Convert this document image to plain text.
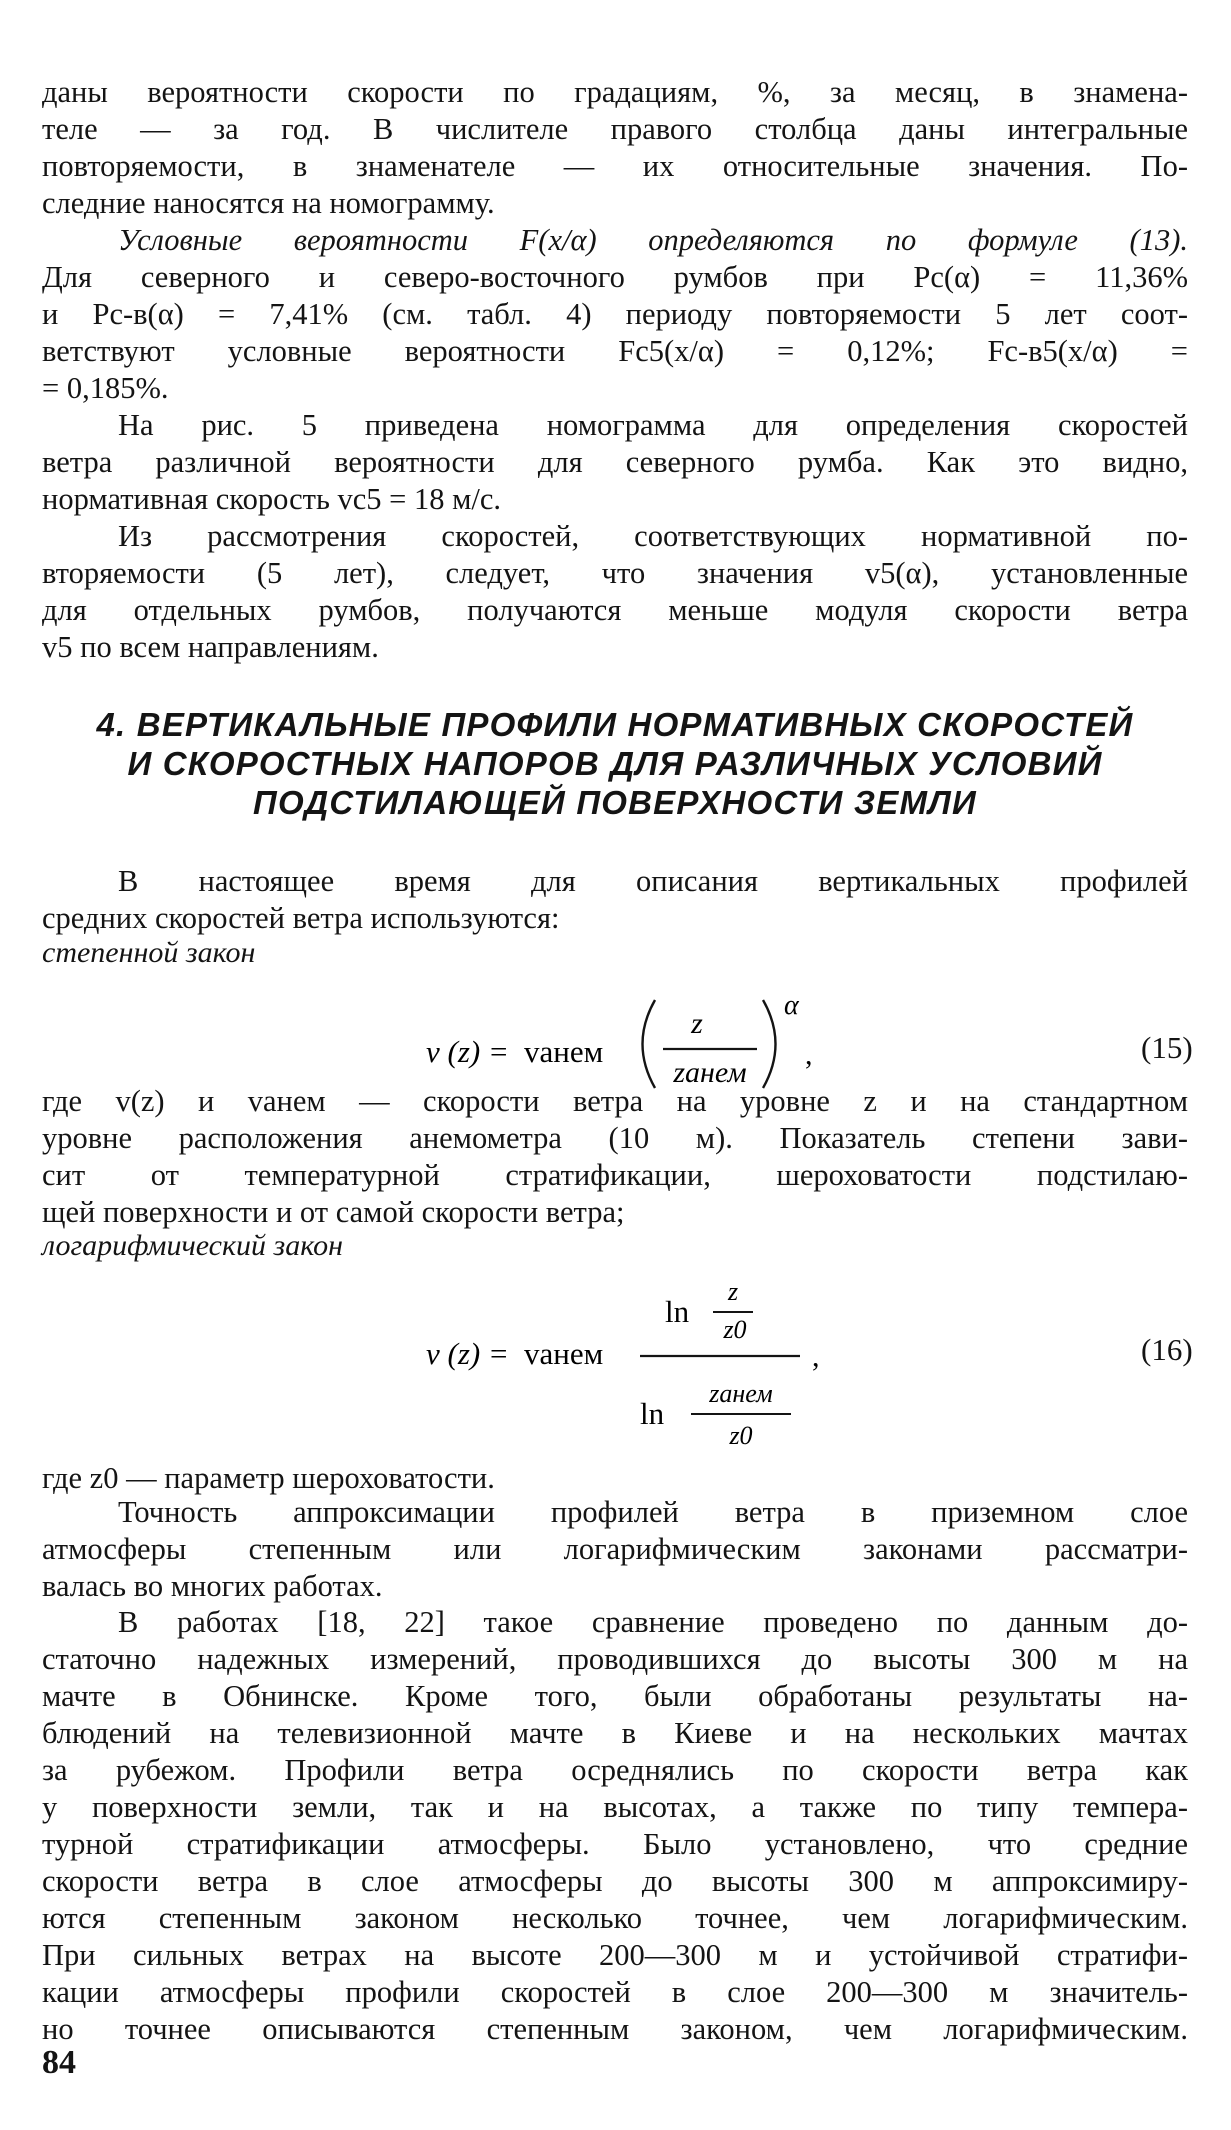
даны вероятности скорости по градациям, %, за месяц, в знамена-
теле — за год. В числителе правого столбца даны интегральные
повторяемости, в знаменателе — их относительные значения. По-
следние наносятся на номограмму.

Условные вероятности F(x/α) определяются по формуле (13).
Для северного и северо-восточного румбов при Pc(α) = 11,36%
и Pc-в(α) = 7,41% (см. табл. 4) периоду повторяемости 5 лет соот-
ветствуют условные вероятности Fc5(x/α) = 0,12%; Fc-в5(x/α) =
= 0,185%.

На рис. 5 приведена номограмма для определения скоростей
ветра различной вероятности для северного румба. Как это видно,
нормативная скорость vc5 = 18 м/с.

Из рассмотрения скоростей, соответствующих нормативной по-
вторяемости (5 лет), следует, что значения v5(α), установленные
для отдельных румбов, получаются меньше модуля скорости ветра
v5 по всем направлениям.

4. ВЕРТИКАЛЬНЫЕ ПРОФИЛИ НОРМАТИВНЫХ СКОРОСТЕЙ
И СКОРОСТНЫХ НАПОРОВ ДЛЯ РАЗЛИЧНЫХ УСЛОВИЙ
ПОДСТИЛАЮЩЕЙ ПОВЕРХНОСТИ ЗЕМЛИ

В настоящее время для описания вертикальных профилей
средних скоростей ветра используются:

степенной закон
v (z) = vанем
z
zанем
α
,	(15)

где v(z) и vанем — скорости ветра на уровне z и на стандартном
уровне расположения анемометра (10 м). Показатель степени зави-
сит от температурной стратификации, шероховатости подстилаю-
щей поверхности и от самой скорости ветра;

логарифмический закон
v (z) = vанем
ln
z
z0
ln
zанем
z0
,	(16)

где z0 — параметр шероховатости.

Точность аппроксимации профилей ветра в приземном слое
атмосферы степенным или логарифмическим законами рассматри-
валась во многих работах.

В работах [18, 22] такое сравнение проведено по данным до-
статочно надежных измерений, проводившихся до высоты 300 м на
мачте в Обнинске. Кроме того, были обработаны результаты на-
блюдений на телевизионной мачте в Киеве и на нескольких мачтах
за рубежом. Профили ветра осреднялись по скорости ветра как
у поверхности земли, так и на высотах, а также по типу темпера-
турной стратификации атмосферы. Было установлено, что средние
скорости ветра в слое атмосферы до высоты 300 м аппроксимиру-
ются степенным законом несколько точнее, чем логарифмическим.
При сильных ветрах на высоте 200—300 м и устойчивой стратифи-
кации атмосферы профили скоростей в слое 200—300 м значитель-
но точнее описываются степенным законом, чем логарифмическим.

84
